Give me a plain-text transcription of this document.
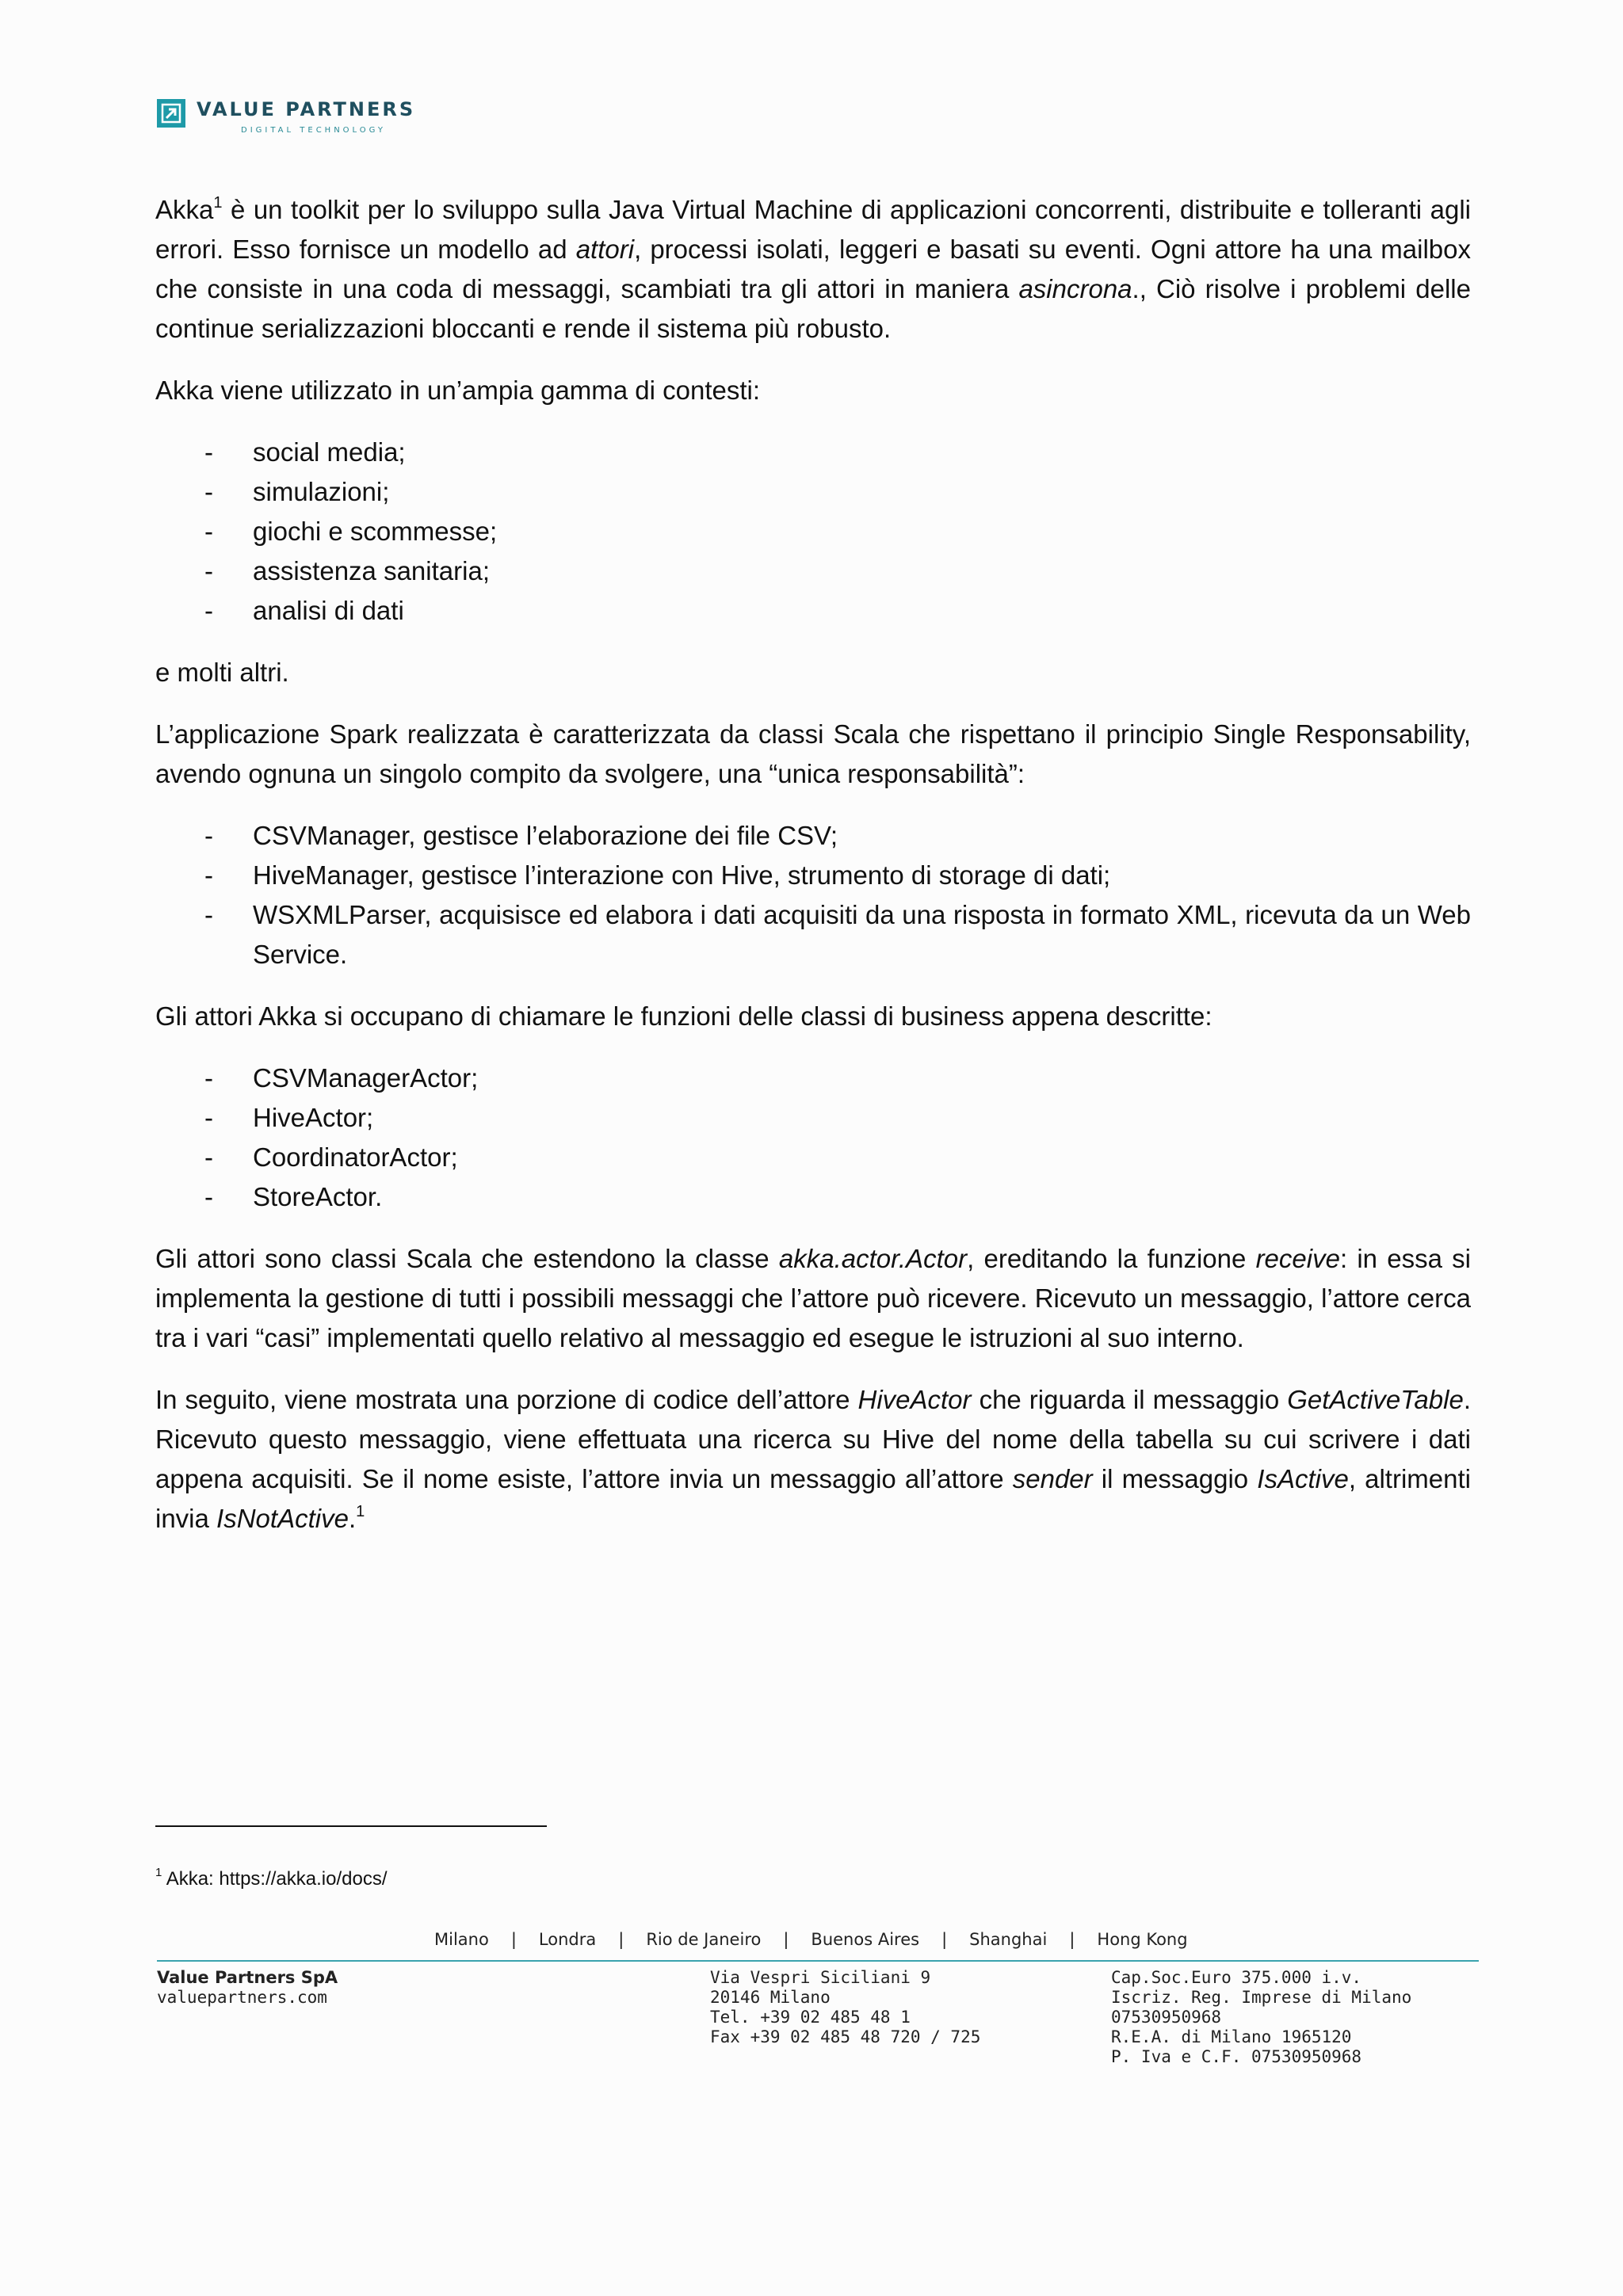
VALUE PARTNERS
DIGITAL TECHNOLOGY

Akka$^1$ è un toolkit per lo sviluppo sulla Java Virtual Machine di applicazioni concorrenti, distribuite e tolleranti agli errori. Esso fornisce un modello ad attori, processi isolati, leggeri e basati su eventi. Ogni attore ha una mailbox che consiste in una coda di messaggi, scambiati tra gli attori in maniera asincrona., Ciò risolve i problemi delle continue serializzazioni bloccanti e rende il sistema più robusto.

Akka viene utilizzato in un’ampia gamma di contesti:

- social media;
- simulazioni;
- giochi e scommesse;
- assistenza sanitaria;
- analisi di dati

e molti altri.

L’applicazione Spark realizzata è caratterizzata da classi Scala che rispettano il principio Single Responsability, avendo ognuna un singolo compito da svolgere, una “unica responsabilità”:

- CSVManager, gestisce l’elaborazione dei file CSV;
- HiveManager, gestisce l’interazione con Hive, strumento di storage di dati;
- WSXMLParser, acquisisce ed elabora i dati acquisiti da una risposta in formato XML, ricevuta da un Web Service.

Gli attori Akka si occupano di chiamare le funzioni delle classi di business appena descritte:

- CSVManagerActor;
- HiveActor;
- CoordinatorActor;
- StoreActor.

Gli attori sono classi Scala che estendono la classe akka.actor.Actor, ereditando la funzione receive: in essa si implementa la gestione di tutti i possibili messaggi che l’attore può ricevere. Ricevuto un messaggio, l’attore cerca tra i vari “casi” implementati quello relativo al messaggio ed esegue le istruzioni al suo interno.

In seguito, viene mostrata una porzione di codice dell’attore HiveActor che riguarda il messaggio GetActiveTable. Ricevuto questo messaggio, viene effettuata una ricerca su Hive del nome della tabella su cui scrivere i dati appena acquisiti. Se il nome esiste, l’attore invia un messaggio all’attore sender il messaggio IsActive, altrimenti invia IsNotActive.$^1$

$^1$ Akka: https://akka.io/docs/
Milano | Londra | Rio de Janeiro | Buenos Aires | Shanghai | Hong Kong
Value Partners SpA
valuepartners.com
Via Vespri Siciliani 9
20146 Milano
Tel. +39 02 485 48 1
Fax +39 02 485 48 720 / 725
Cap.Soc.Euro 375.000 i.v.
Iscriz. Reg. Imprese di Milano
07530950968
R.E.A. di Milano 1965120
P. Iva e C.F. 07530950968
